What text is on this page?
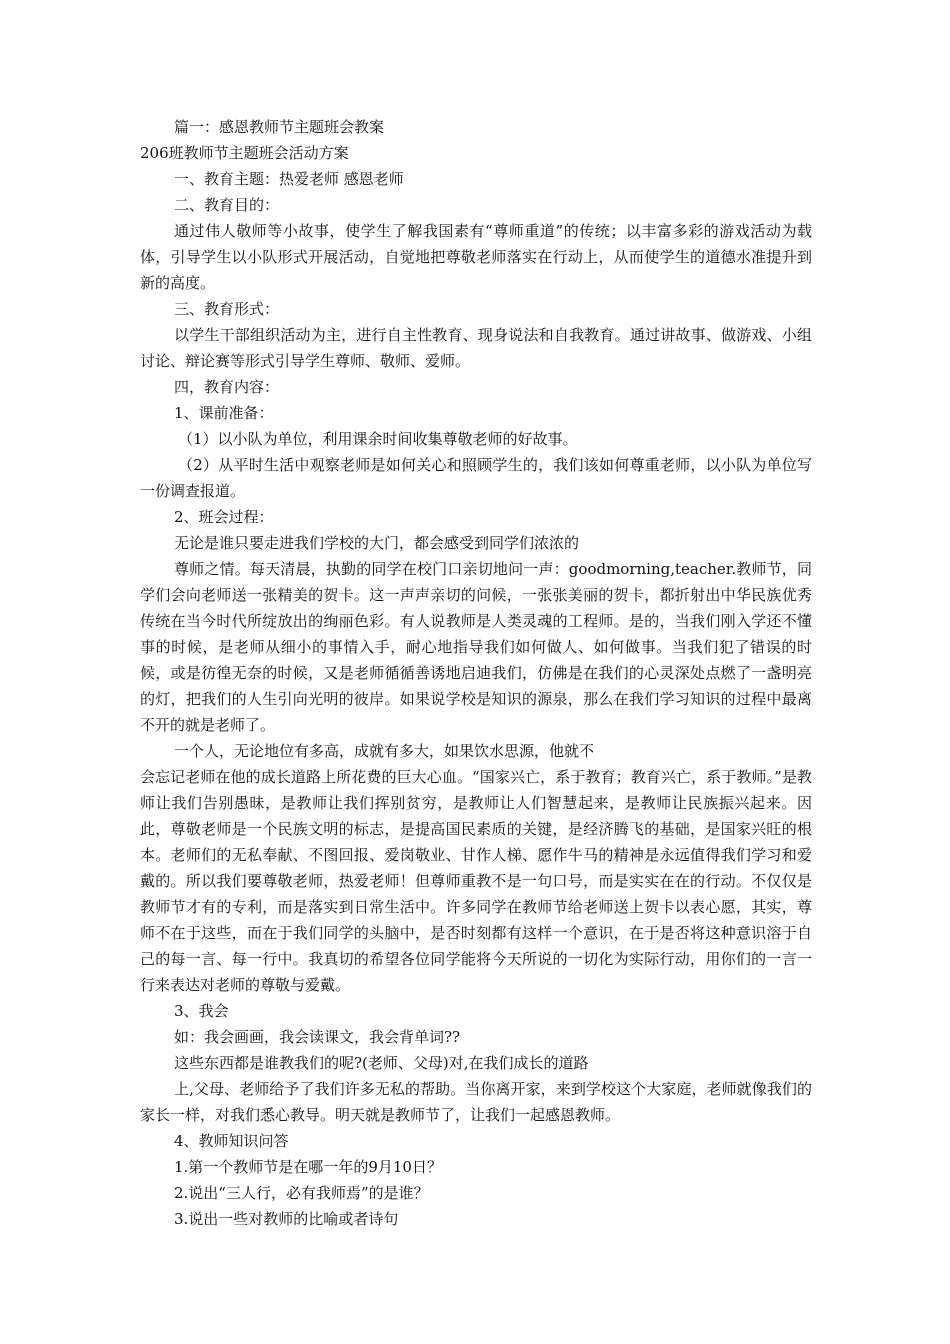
篇一：感恩教师节主题班会教案

206班教师节主题班会活动方案

一、教育主题：热爱老师 感恩老师

二、教育目的：

通过伟人敬师等小故事，使学生了解我国素有“尊师重道”的传统；以丰富多彩的游戏活动为载体，引导学生以小队形式开展活动，自觉地把尊敬老师落实在行动上，从而使学生的道德水准提升到新的高度。

三、教育形式：

以学生干部组织活动为主，进行自主性教育、现身说法和自我教育。通过讲故事、做游戏、小组讨论、辩论赛等形式引导学生尊师、敬师、爱师。

四，教育内容：

1、课前准备：

（1）以小队为单位，利用课余时间收集尊敬老师的好故事。

（2）从平时生活中观察老师是如何关心和照顾学生的，我们该如何尊重老师，以小队为单位写一份调查报道。

2、班会过程：

无论是谁只要走进我们学校的大门，都会感受到同学们浓浓的

尊师之情。每天清晨，执勤的同学在校门口亲切地问一声：goodmorning,teacher.教师节，同学们会向老师送一张精美的贺卡。这一声声亲切的问候，一张张美丽的贺卡，都折射出中华民族优秀传统在当今时代所绽放出的绚丽色彩。有人说教师是人类灵魂的工程师。是的，当我们刚入学还不懂事的时候，是老师从细小的事情入手，耐心地指导我们如何做人、如何做事。当我们犯了错误的时候，或是彷徨无奈的时候，又是老师循循善诱地启迪我们，仿佛是在我们的心灵深处点燃了一盏明亮的灯，把我们的人生引向光明的彼岸。如果说学校是知识的源泉，那么在我们学习知识的过程中最离不开的就是老师了。

一个人，无论地位有多高，成就有多大，如果饮水思源，他就不

会忘记老师在他的成长道路上所花费的巨大心血。“国家兴亡，系于教育；教育兴亡，系于教师。”是教师让我们告别愚昧，是教师让我们挥别贫穷，是教师让人们智慧起来，是教师让民族振兴起来。因此，尊敬老师是一个民族文明的标志，是提高国民素质的关键，是经济腾飞的基础，是国家兴旺的根本。老师们的无私奉献、不图回报、爱岗敬业、甘作人梯、愿作牛马的精神是永远值得我们学习和爱戴的。所以我们要尊敬老师，热爱老师！但尊师重教不是一句口号，而是实实在在的行动。不仅仅是教师节才有的专利，而是落实到日常生活中。许多同学在教师节给老师送上贺卡以表心愿，其实，尊师不在于这些，而在于我们同学的头脑中，是否时刻都有这样一个意识，在于是否将这种意识溶于自己的每一言、每一行中。我真切的希望各位同学能将今天所说的一切化为实际行动，用你们的一言一行来表达对老师的尊敬与爱戴。

3、我会

如：我会画画，我会读课文，我会背单词??

这些东西都是谁教我们的呢?(老师、父母)对,在我们成长的道路

上,父母、老师给予了我们许多无私的帮助。当你离开家，来到学校这个大家庭，老师就像我们的家长一样，对我们悉心教导。明天就是教师节了，让我们一起感恩教师。

4、教师知识问答

1.第一个教师节是在哪一年的9月10日？

2.说出“三人行，必有我师焉”的是谁？

3.说出一些对教师的比喻或者诗句
